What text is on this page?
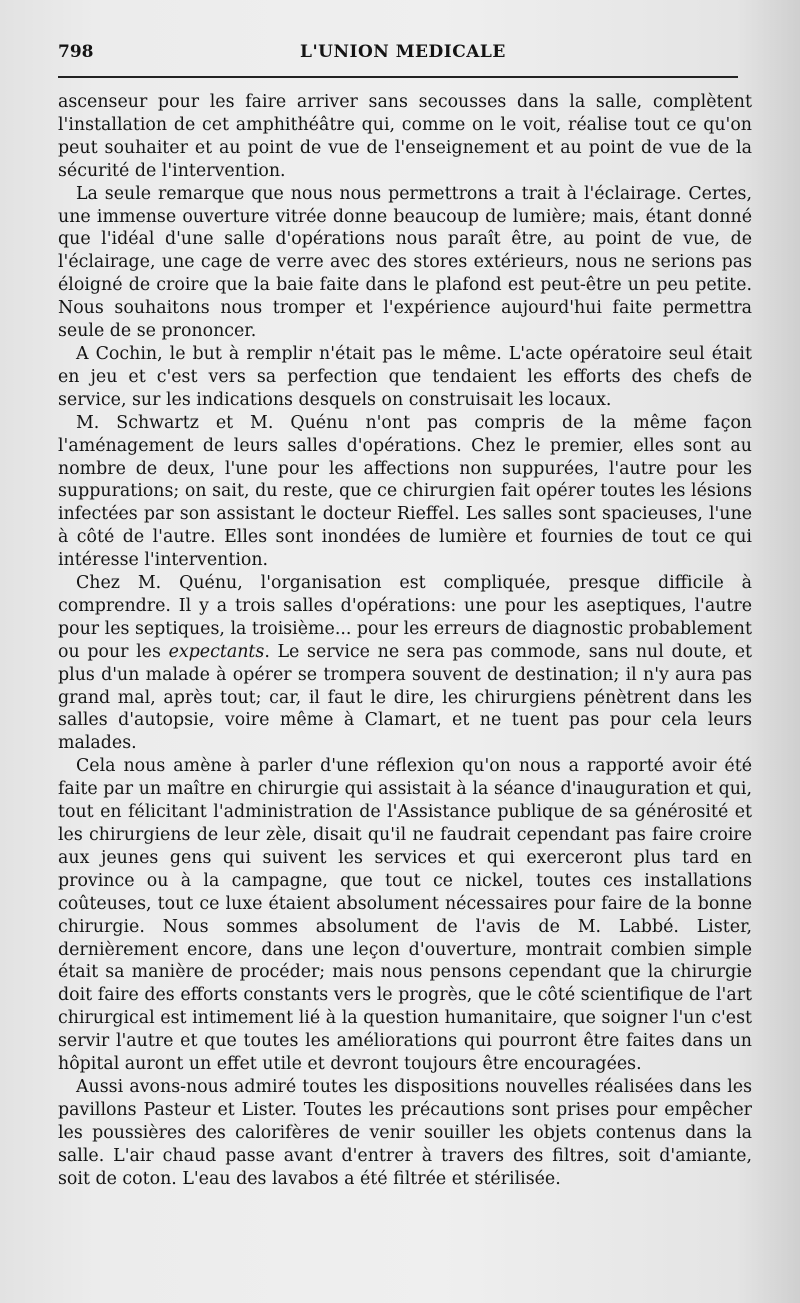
798	L'UNION MEDICALE

ascenseur pour les faire arriver sans secousses dans la salle, complètent l'installation de cet amphithéâtre qui, comme on le voit, réalise tout ce qu'on peut souhaiter et au point de vue de l'enseignement et au point de vue de la sécurité de l'intervention.

La seule remarque que nous nous permettrons a trait à l'éclairage. Certes, une immense ouverture vitrée donne beaucoup de lumière; mais, étant donné que l'idéal d'une salle d'opérations nous paraît être, au point de vue, de l'éclairage, une cage de verre avec des stores extérieurs, nous ne serions pas éloigné de croire que la baie faite dans le plafond est peut-être un peu petite. Nous souhaitons nous tromper et l'expérience aujourd'hui faite permettra seule de se prononcer.

A Cochin, le but à remplir n'était pas le même. L'acte opératoire seul était en jeu et c'est vers sa perfection que tendaient les efforts des chefs de service, sur les indications desquels on construisait les locaux.

M. Schwartz et M. Quénu n'ont pas compris de la même façon l'aménagement de leurs salles d'opérations. Chez le premier, elles sont au nombre de deux, l'une pour les affections non suppurées, l'autre pour les suppurations; on sait, du reste, que ce chirurgien fait opérer toutes les lésions infectées par son assistant le docteur Rieffel. Les salles sont spacieuses, l'une à côté de l'autre. Elles sont inondées de lumière et fournies de tout ce qui intéresse l'intervention.

Chez M. Quénu, l'organisation est compliquée, presque difficile à comprendre. Il y a trois salles d'opérations: une pour les aseptiques, l'autre pour les septiques, la troisième... pour les erreurs de diagnostic probablement ou pour les expectants. Le service ne sera pas commode, sans nul doute, et plus d'un malade à opérer se trompera souvent de destination; il n'y aura pas grand mal, après tout; car, il faut le dire, les chirurgiens pénètrent dans les salles d'autopsie, voire même à Clamart, et ne tuent pas pour cela leurs malades.

Cela nous amène à parler d'une réflexion qu'on nous a rapporté avoir été faite par un maître en chirurgie qui assistait à la séance d'inauguration et qui, tout en félicitant l'administration de l'Assistance publique de sa générosité et les chirurgiens de leur zèle, disait qu'il ne faudrait cependant pas faire croire aux jeunes gens qui suivent les services et qui exerceront plus tard en province ou à la campagne, que tout ce nickel, toutes ces installations coûteuses, tout ce luxe étaient absolument nécessaires pour faire de la bonne chirurgie. Nous sommes absolument de l'avis de M. Labbé. Lister, dernièrement encore, dans une leçon d'ouverture, montrait combien simple était sa manière de procéder; mais nous pensons cependant que la chirurgie doit faire des efforts constants vers le progrès, que le côté scientifique de l'art chirurgical est intimement lié à la question humanitaire, que soigner l'un c'est servir l'autre et que toutes les améliorations qui pourront être faites dans un hôpital auront un effet utile et devront toujours être encouragées.

Aussi avons-nous admiré toutes les dispositions nouvelles réalisées dans les pavillons Pasteur et Lister. Toutes les précautions sont prises pour empêcher les poussières des calorifères de venir souiller les objets contenus dans la salle. L'air chaud passe avant d'entrer à travers des filtres, soit d'amiante, soit de coton. L'eau des lavabos a été filtrée et stérilisée.
